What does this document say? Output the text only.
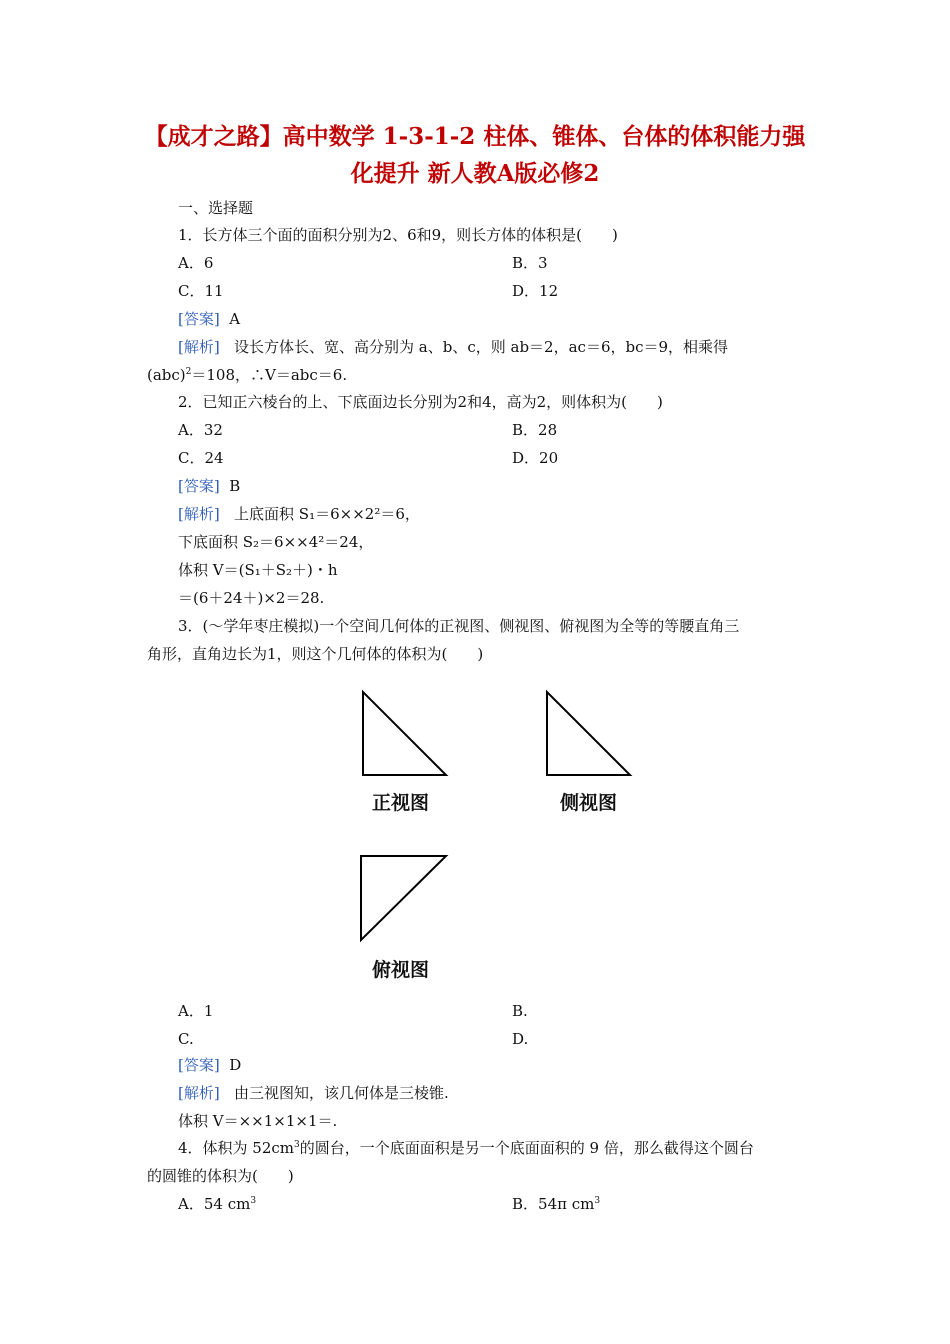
【成才之路】高中数学 1-3-1-2 柱体、锥体、台体的体积能力强
化提升 新人教A版必修2
一、选择题
1．长方体三个面的面积分别为2、6和9，则长方体的体积是(　　)
A．6	B．3
C．11	D．12
[答案] A
[解析] 设长方体长、宽、高分别为 a、b、c，则 ab＝2，ac＝6，bc＝9，相乘得
(abc)$^2$＝108，∴V＝abc＝6.
2．已知正六棱台的上、下底面边长分别为2和4，高为2，则体积为(　　)
A．32	B．28
C．24	D．20
[答案] B
[解析] 上底面积 S₁＝6××2²＝6，
下底面积 S₂＝6××4²＝24，
体积 V＝(S₁＋S₂＋)・h
＝(6＋24＋)×2＝28.
3．(～学年枣庄模拟)一个空间几何体的正视图、侧视图、俯视图为全等的等腰直角三
角形，直角边长为1，则这个几何体的体积为(　　)
正视图	侧视图
俯视图
A．1	B.
C.	D.
[答案] D
[解析] 由三视图知，该几何体是三棱锥.
体积 V＝××1×1×1＝.
4．体积为 $52cm^3$的圆台，一个底面面积是另一个底面面积的 9 倍，那么截得这个圆台
的圆锥的体积为(　　)
A．54 $cm^3$	B．54π $cm^3$
